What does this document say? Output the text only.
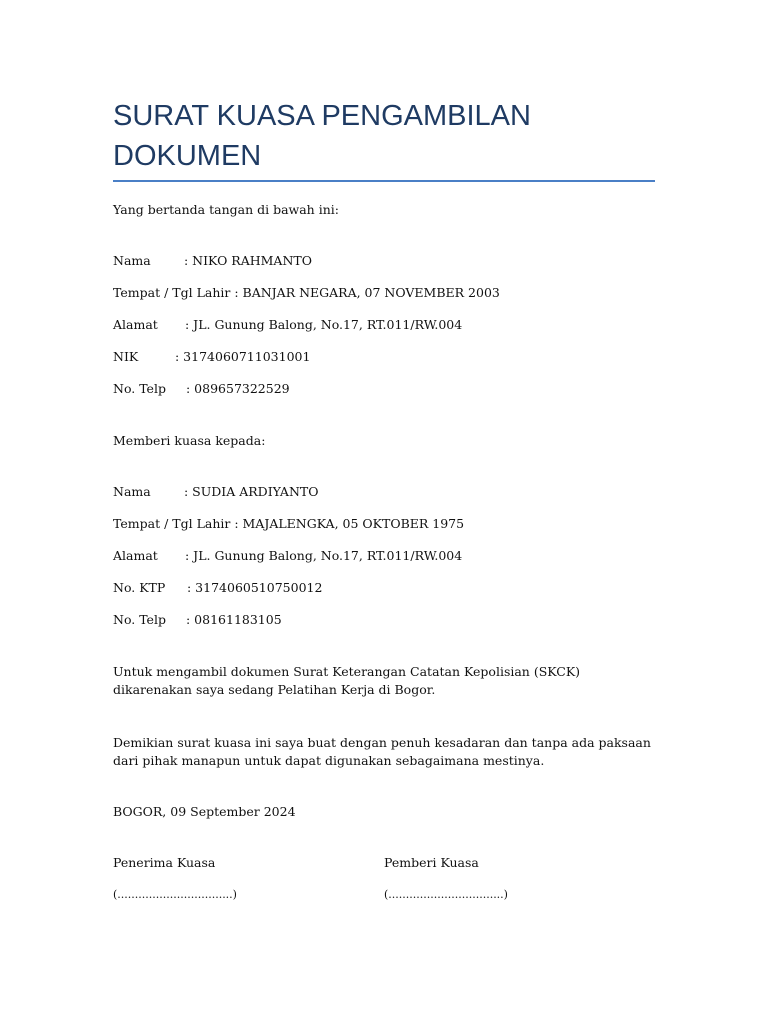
SURAT KUASA PENGAMBILAN DOKUMEN
Yang bertanda tangan di bawah ini:
Nama	: NIKO RAHMANTO
Tempat / Tgl Lahir : BANJAR NEGARA, 07 NOVEMBER 2003
Alamat : JL. Gunung Balong, No.17, RT.011/RW.004
NIK	: 3174060711031001
No. Telp : 089657322529
Memberi kuasa kepada:
Nama	: SUDIA ARDIYANTO
Tempat / Tgl Lahir : MAJALENGKA, 05 OKTOBER 1975
Alamat : JL. Gunung Balong, No.17, RT.011/RW.004
No. KTP : 3174060510750012
No. Telp : 08161183105
Untuk mengambil dokumen Surat Keterangan Catatan Kepolisian (SKCK) dikarenakan saya sedang Pelatihan Kerja di Bogor.
Demikian surat kuasa ini saya buat dengan penuh kesadaran dan tanpa ada paksaan dari pihak manapun untuk dapat digunakan sebagaimana mestinya.
BOGOR, 09 September 2024
Penerima Kuasa	Pemberi Kuasa
(.................................)	(.................................)
